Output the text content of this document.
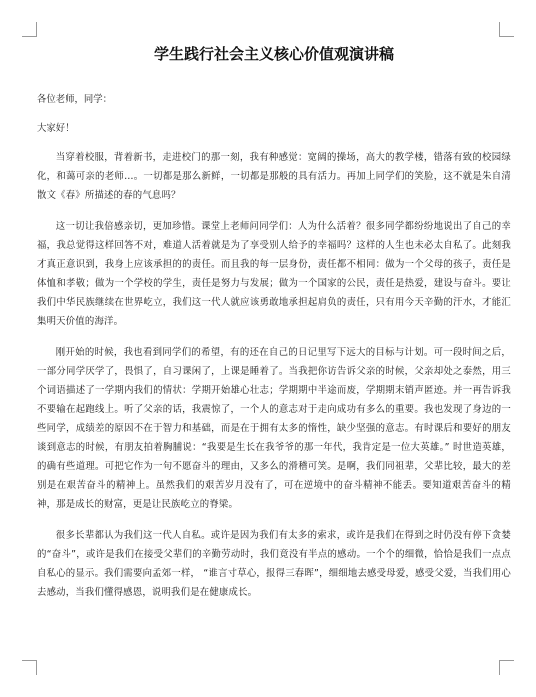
学生践行社会主义核心价值观演讲稿

各位老师，同学：

大家好！

当穿着校服，背着新书，走进校门的那一刻，我有种感觉：宽阔的操场，高大的教学楼，错落有致的校园绿化，和蔼可亲的老师…。一切都是那么新鲜，一切都是那般的具有活力。再加上同学们的笑脸，这不就是朱自清散文《春》所描述的春的气息吗？

这一切让我倍感亲切，更加珍惜。课堂上老师问同学们：人为什么活着？很多同学都纷纷地说出了自己的幸福，我总觉得这样回答不对，难道人活着就是为了享受别人给予的幸福吗？这样的人生也未必太自私了。此刻我才真正意识到，我身上应该承担的的责任。而且我的每一层身份，责任都不相同：做为一个父母的孩子，责任是体恤和孝敬；做为一个学校的学生，责任是努力与发展；做为一个国家的公民，责任是热爱，建设与奋斗。要让我们中华民族继续在世界屹立，我们这一代人就应该勇敢地承担起肩负的责任，只有用今天辛勤的汗水，才能汇集明天价值的海洋。

刚开始的时候，我也看到同学们的希望，有的还在自己的日记里写下远大的目标与计划。可一段时间之后，一部分同学厌学了，畏惧了，自习课闲了，上课是睡着了。当我把你访告诉父亲的时候，父亲却处之泰然，用三个词语描述了一学期内我们的情状：学期开始雄心壮志；学期期中半途而废，学期期末销声匿迹。并一再告诉我不要输在起跑线上。听了父亲的话，我震惊了，一个人的意志对于走向成功有多么的重要。我也发现了身边的一些同学，成绩差的原因不在于智力和基础，而是在于拥有太多的惰性，缺少坚强的意志。有时课后和要好的朋友谈到意志的时候，有朋友拍着胸脯说：“我要是生长在我爷爷的那一年代，我肯定是一位大英雄。” 时世造英雄，的确有些道理。可把它作为一句不愿奋斗的理由，又多么的滑稽可笑。是啊，我们同祖辈，父辈比较，最大的差别是在艰苦奋斗的精神上。虽然我们的艰苦岁月没有了，可在逆境中的奋斗精神不能丢。要知道艰苦奋斗的精神，那是成长的财富，更是让民族屹立的脊梁。

很多长辈都认为我们这一代人自私。或许是因为我们有太多的索求，或许是我们在得到之时仍没有停下贪婪的“奋斗”，或许是我们在接受父辈们的辛勤劳动时，我们竟没有半点的感动。一个个的细微，恰恰是我们一点点自私心的显示。我们需要向孟郊一样， “谁言寸草心，报得三春晖”，细细地去感受母爱，感受父爱，当我们用心去感动，当我们懂得感恩，说明我们是在健康成长。
